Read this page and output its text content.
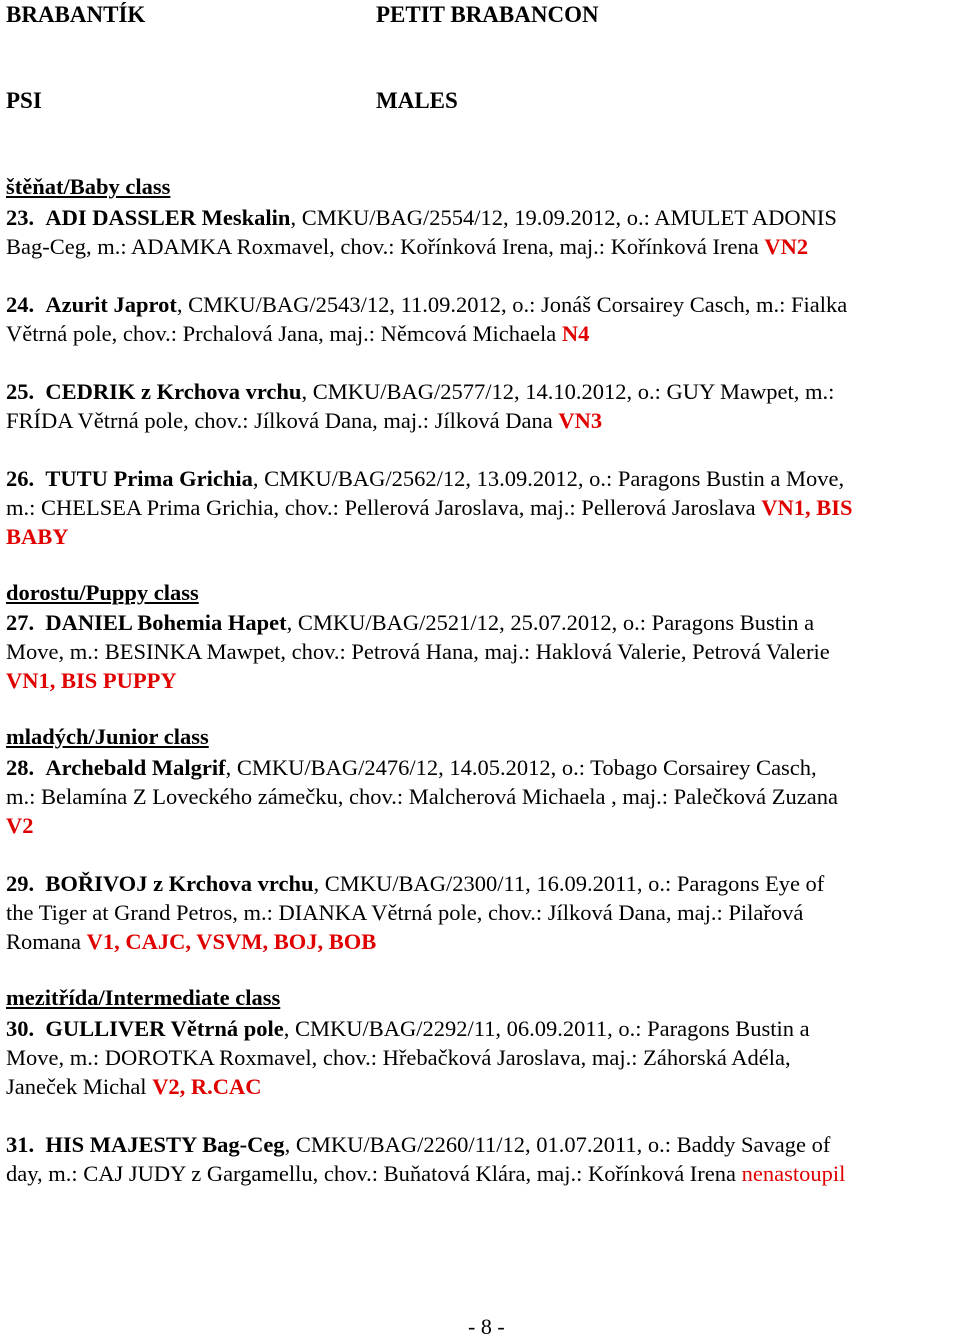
BRABANTÍK	PETIT BRABANCON
PSI	MALES
štěňat/Baby class
23. ADI DASSLER Meskalin, CMKU/BAG/2554/12, 19.09.2012, o.: AMULET ADONIS
Bag-Ceg, m.: ADAMKA Roxmavel, chov.: Kořínková Irena, maj.: Kořínková Irena VN2
24. Azurit Japrot, CMKU/BAG/2543/12, 11.09.2012, o.: Jonáš Corsairey Casch, m.: Fialka
Větrná pole, chov.: Prchalová Jana, maj.: Němcová Michaela N4
25. CEDRIK z Krchova vrchu, CMKU/BAG/2577/12, 14.10.2012, o.: GUY Mawpet, m.:
FRÍDA Větrná pole, chov.: Jílková Dana, maj.: Jílková Dana VN3
26. TUTU Prima Grichia, CMKU/BAG/2562/12, 13.09.2012, o.: Paragons Bustin a Move,
m.: CHELSEA Prima Grichia, chov.: Pellerová Jaroslava, maj.: Pellerová Jaroslava VN1, BIS
BABY
dorostu/Puppy class
27. DANIEL Bohemia Hapet, CMKU/BAG/2521/12, 25.07.2012, o.: Paragons Bustin a
Move, m.: BESINKA Mawpet, chov.: Petrová Hana, maj.: Haklová Valerie, Petrová Valerie
VN1, BIS PUPPY
mladých/Junior class
28. Archebald Malgrif, CMKU/BAG/2476/12, 14.05.2012, o.: Tobago Corsairey Casch,
m.: Belamína Z Loveckého zámečku, chov.: Malcherová Michaela , maj.: Palečková Zuzana
V2
29. BOŘIVOJ z Krchova vrchu, CMKU/BAG/2300/11, 16.09.2011, o.: Paragons Eye of
the Tiger at Grand Petros, m.: DIANKA Větrná pole, chov.: Jílková Dana, maj.: Pilařová
Romana V1, CAJC, VSVM, BOJ, BOB
mezitřída/Intermediate class
30. GULLIVER Větrná pole, CMKU/BAG/2292/11, 06.09.2011, o.: Paragons Bustin a
Move, m.: DOROTKA Roxmavel, chov.: Hřebačková Jaroslava, maj.: Záhorská Adéla,
Janeček Michal V2, R.CAC
31. HIS MAJESTY Bag-Ceg, CMKU/BAG/2260/11/12, 01.07.2011, o.: Baddy Savage of
day, m.: CAJ JUDY z Gargamellu, chov.: Buňatová Klára, maj.: Kořínková Irena nenastoupil
- 8 -
